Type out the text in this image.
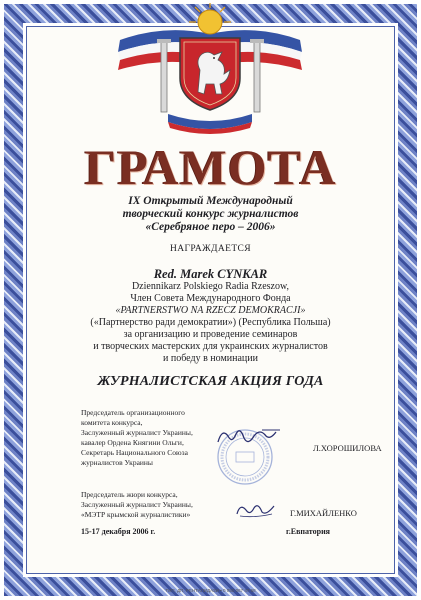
ГРАМОТА
IX Открытый Международный
творческий конкурс журналистов
«Серебряное перо – 2006»
НАГРАЖДАЕТСЯ
Red. Marek CYNKAR
Dziennikarz Polskiego Radia Rzeszow,
Член Совета Международного Фонда
«PARTNERSTWO NA RZECZ DEMOKRACJI»
(«Партнерство ради демократии») (Республика Польша)
за организацию и проведение семинаров
и творческих мастерских для украинских журналистов
и победу в номинации
ЖУРНАЛИСТСКАЯ АКЦИЯ ГОДА
Председатель организационного
комитета конкурса,
Заслуженный журналист Украины,
кавалер Ордена Княгини Ольги,
Секретарь Национального Союза
журналистов Украины
Л.ХОРОШИЛОВА
Председатель жюри конкурса,
Заслуженный журналист Украины,
«МЭТР крымской журналистики»	Г.МИХАЙЛЕНКО
15-17 декабря 2006 г.	г.Евпатория
ТИП. ДП. РЕНТАЛИДАЗИ • 0 050 067 47 68
